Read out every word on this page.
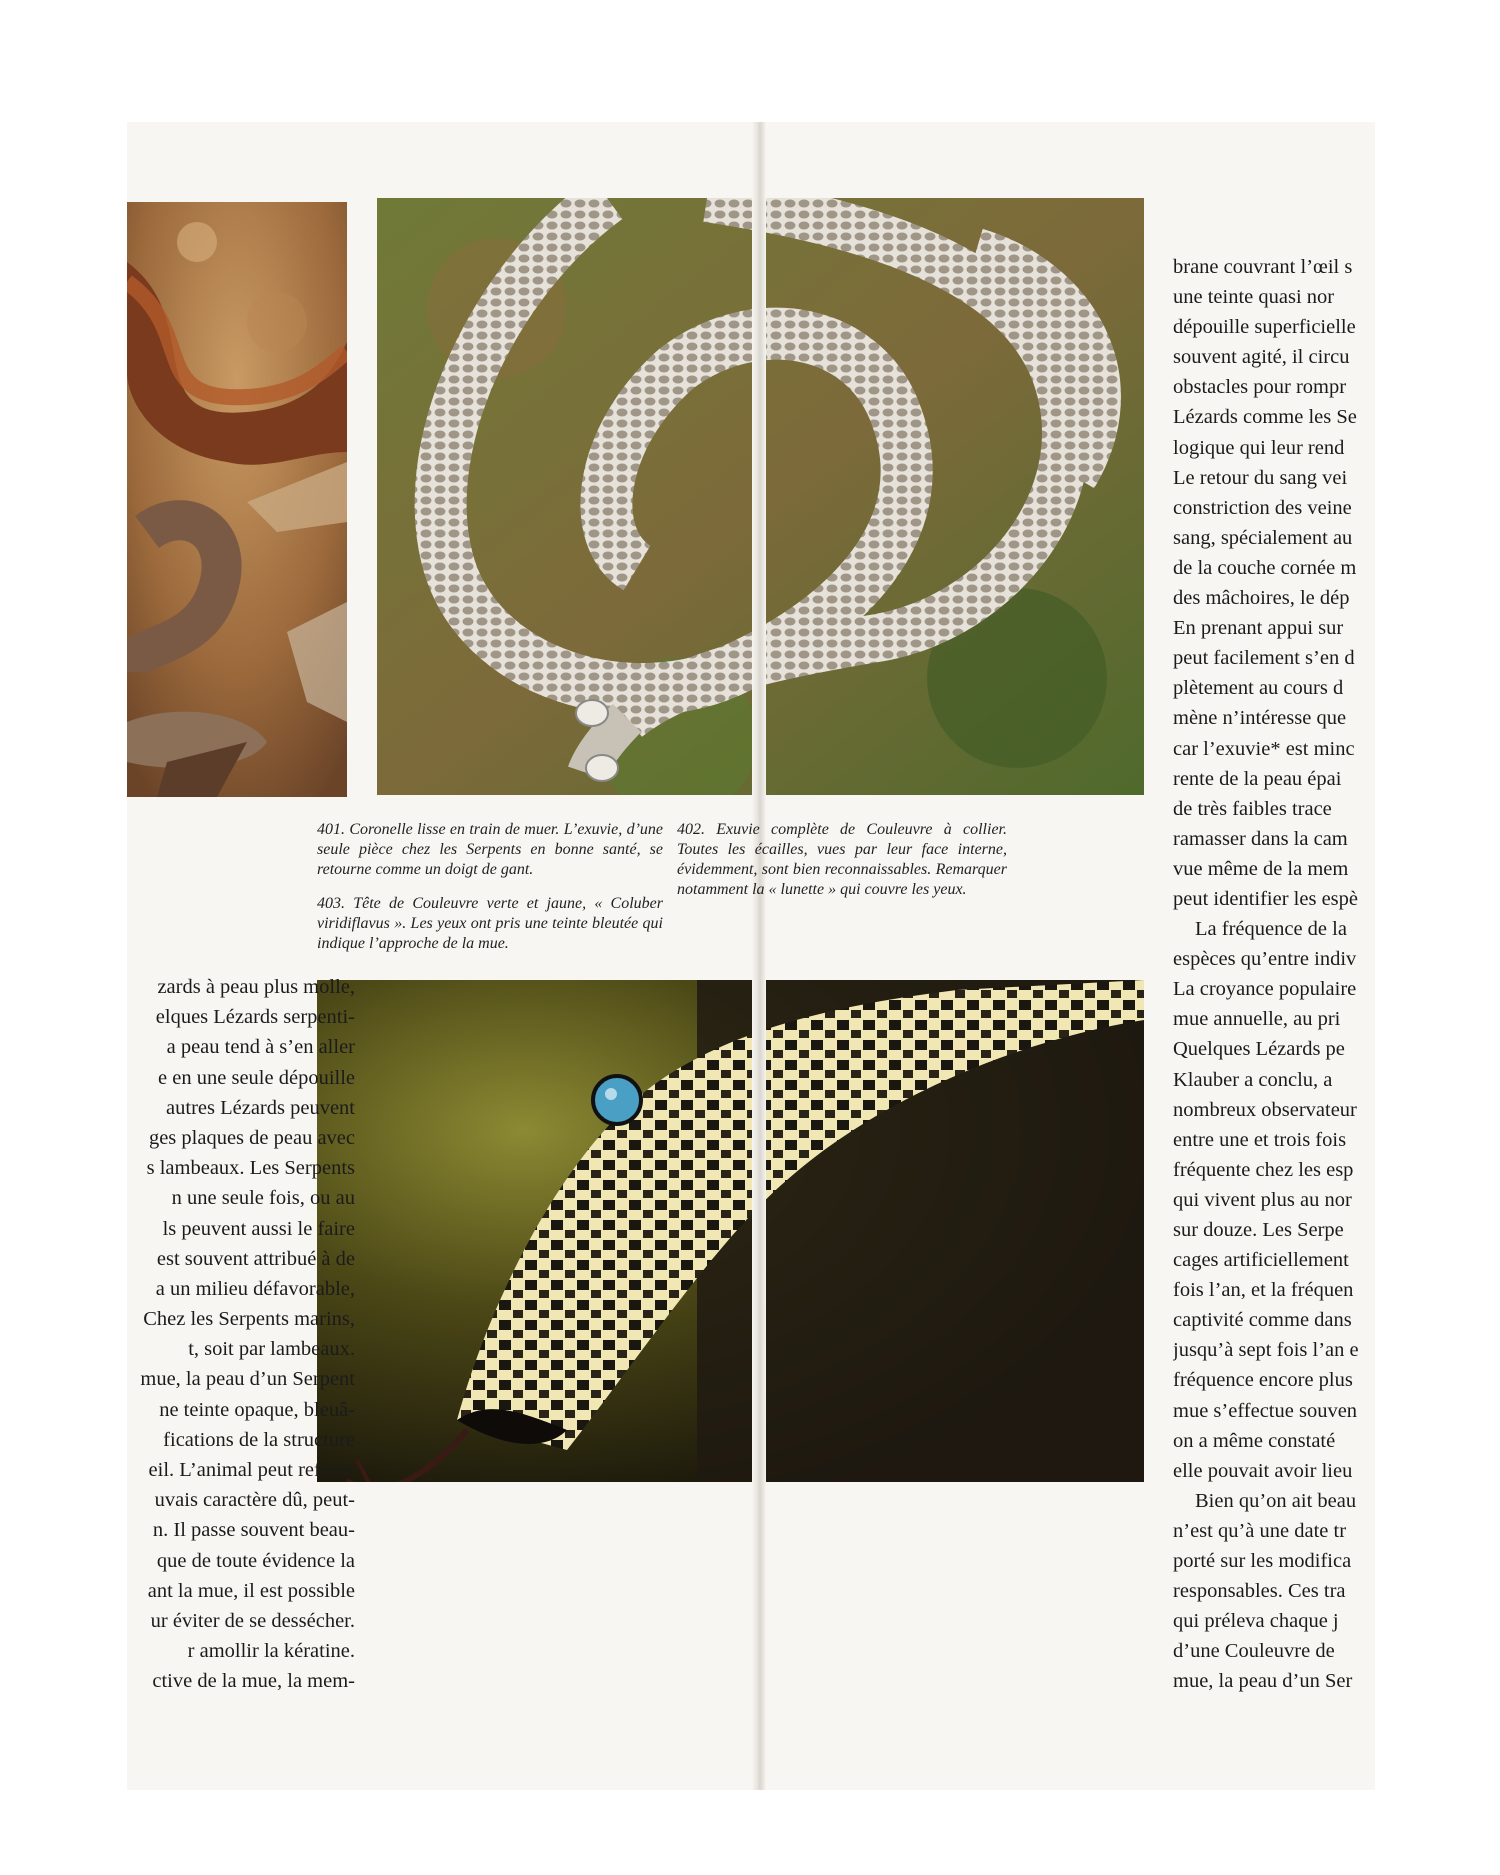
401. Coronelle lisse en train de muer. L’exuvie, d’une seule pièce chez les Serpents en bonne santé, se retourne comme un doigt de gant.

402. Exuvie complète de Couleuvre à collier. Toutes les écailles, vues par leur face interne, évidemment, sont bien reconnaissables. Remarquer notamment la « lunette » qui couvre les yeux.

403. Tête de Couleuvre verte et jaune, « Coluber viridiflavus ». Les yeux ont pris une teinte bleutée qui indique l’approche de la mue.

zards à peau plus molle,
elques Lézards serpenti-
a peau tend à s’en aller
e en une seule dépouille
autres Lézards peuvent
ges plaques de peau avec
s lambeaux. Les Serpents
n une seule fois, ou au
ls peuvent aussi le faire
est souvent attribué à de
a un milieu défavorable,
Chez les Serpents marins,
t, soit par lambeaux.
mue, la peau d’un Serpent
ne teinte opaque, bleuâ-
fications de la structure
eil. L’animal peut refuser
uvais caractère dû, peut-
n. Il passe souvent beau-
que de toute évidence la
ant la mue, il est possible
ur éviter de se dessécher.
r amollir la kératine.
ctive de la mue, la mem-
brane couvrant l’œil s
une teinte quasi nor
dépouille superficielle
souvent agité, il circu
obstacles pour rompr
Lézards comme les Se
logique qui leur rend
Le retour du sang vei
constriction des veine
sang, spécialement au
de la couche cornée m
des mâchoires, le dép
En prenant appui sur
peut facilement s’en d
plètement au cours d
mène n’intéresse que
car l’exuvie* est minc
rente de la peau épai
de très faibles trace
ramasser dans la cam
vue même de la mem
peut identifier les espè
La fréquence de la
espèces qu’entre indiv
La croyance populaire
mue annuelle, au pri
Quelques Lézards pe
Klauber a conclu, a
nombreux observateur
entre une et trois fois
fréquente chez les esp
qui vivent plus au nor
sur douze. Les Serpe
cages artificiellement
fois l’an, et la fréquen
captivité comme dans
jusqu’à sept fois l’an e
fréquence encore plus
mue s’effectue souven
on a même constaté
elle pouvait avoir lieu
Bien qu’on ait beau
n’est qu’à une date tr
porté sur les modifica
responsables. Ces tra
qui préleva chaque j
d’une Couleuvre de
mue, la peau d’un Ser
